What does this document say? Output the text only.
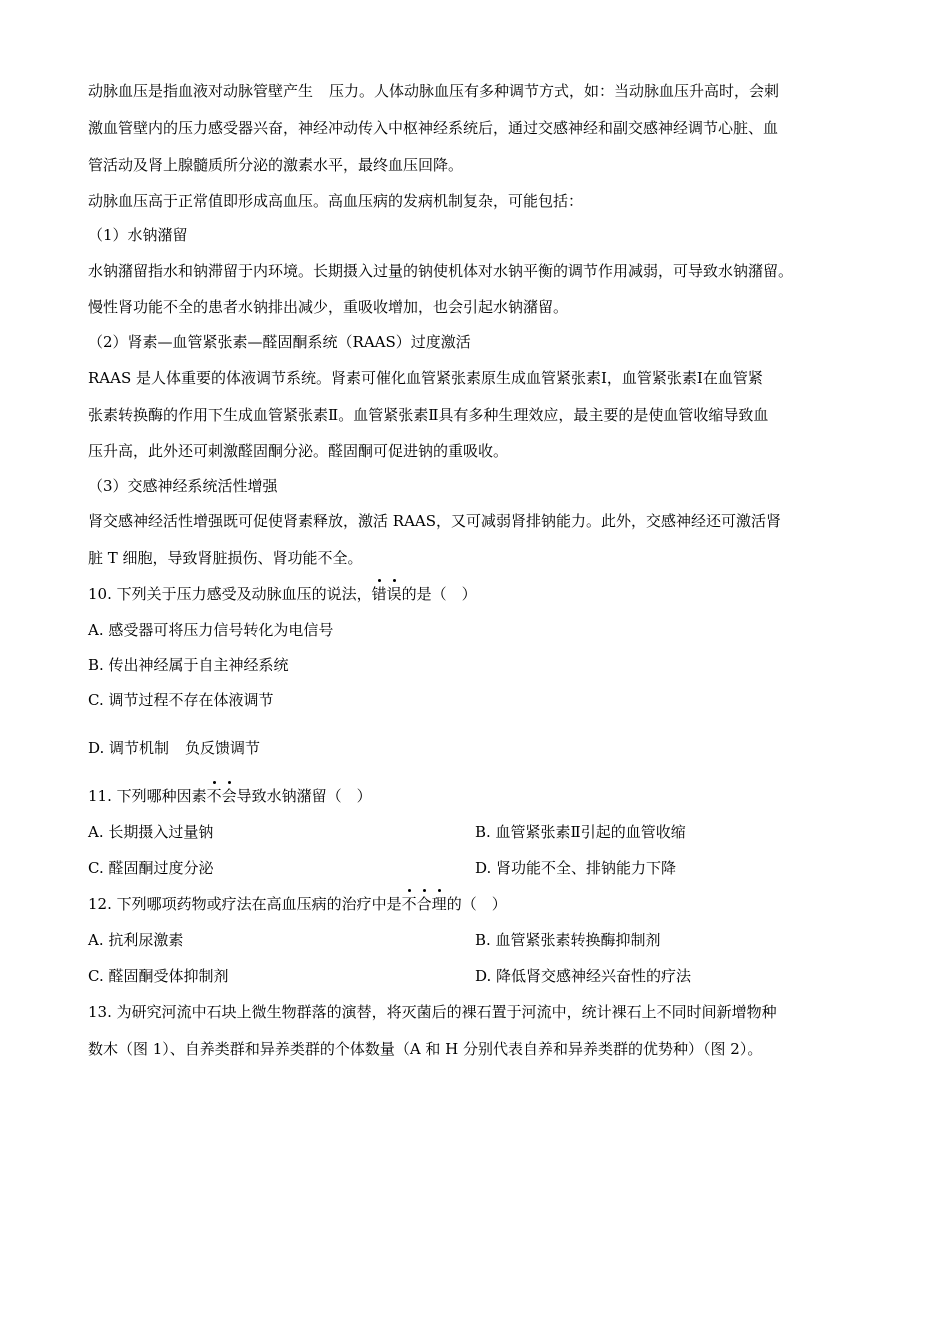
动脉血压是指血液对动脉管壁产生 压力。人体动脉血压有多种调节方式，如：当动脉血压升高时，会刺
激血管壁内的压力感受器兴奋，神经冲动传入中枢神经系统后，通过交感神经和副交感神经调节心脏、血
管活动及肾上腺髓质所分泌的激素水平，最终血压回降。
动脉血压高于正常值即形成高血压。高血压病的发病机制复杂，可能包括：
（1）水钠潴留
水钠潴留指水和钠滞留于内环境。长期摄入过量的钠使机体对水钠平衡的调节作用减弱，可导致水钠潴留。
慢性肾功能不全的患者水钠排出减少，重吸收增加，也会引起水钠潴留。
（2）肾素—血管紧张素—醛固酮系统（RAAS）过度激活
RAAS 是人体重要的体液调节系统。肾素可催化血管紧张素原生成血管紧张素Ⅰ，血管紧张素Ⅰ在血管紧
张素转换酶的作用下生成血管紧张素Ⅱ。血管紧张素Ⅱ具有多种生理效应，最主要的是使血管收缩导致血
压升高，此外还可刺激醛固酮分泌。醛固酮可促进钠的重吸收。
（3）交感神经系统活性增强
肾交感神经活性增强既可促使肾素释放，激活 RAAS，又可减弱肾排钠能力。此外，交感神经还可激活肾
脏 T 细胞，导致肾脏损伤、肾功能不全。
10. 下列关于压力感受及动脉血压的说法，错误的是（　）
A. 感受器可将压力信号转化为电信号
B. 传出神经属于自主神经系统
C. 调节过程不存在体液调节
D. 调节机制 负反馈调节
11. 下列哪种因素不会导致水钠潴留（　）
A. 长期摄入过量钠	B. 血管紧张素Ⅱ引起的血管收缩
C. 醛固酮过度分泌	D. 肾功能不全、排钠能力下降
12. 下列哪项药物或疗法在高血压病的治疗中是不合理的（　）
A. 抗利尿激素	B. 血管紧张素转换酶抑制剂
C. 醛固酮受体抑制剂	D. 降低肾交感神经兴奋性的疗法
13. 为研究河流中石块上微生物群落的演替，将灭菌后的裸石置于河流中，统计裸石上不同时间新增物种
数木（图 1）、自养类群和异养类群的个体数量（A 和 H 分别代表自养和异养类群的优势种）（图 2）。
